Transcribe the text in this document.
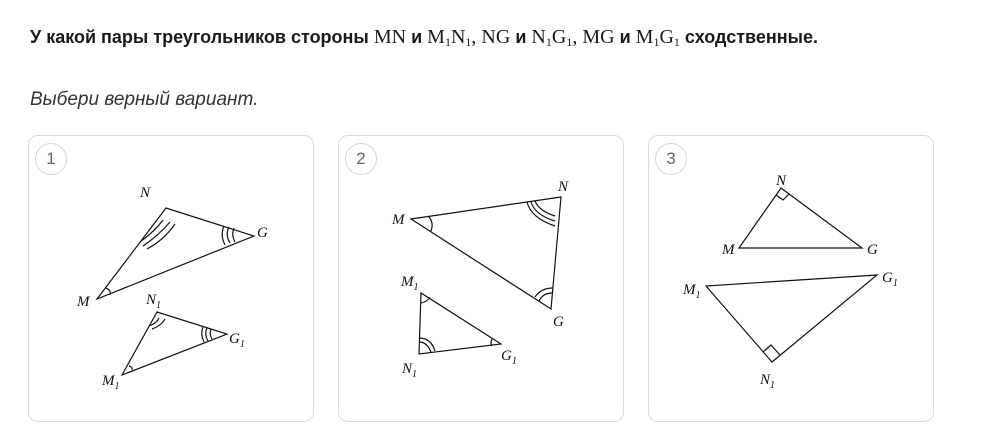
У какой пары треугольников стороны MN и $M_1N_1$, NG и $N_1G_1$, MG и $M_1G_1$ сходственные.
Выбери верный вариант.
1
N
G
M	$N_1$
$G_1$
$M_1$
2
N
M
G
$M_1$
$N_1$
$G_1$
3
N
M	G
$M_1$
$G_1$
$N_1$
